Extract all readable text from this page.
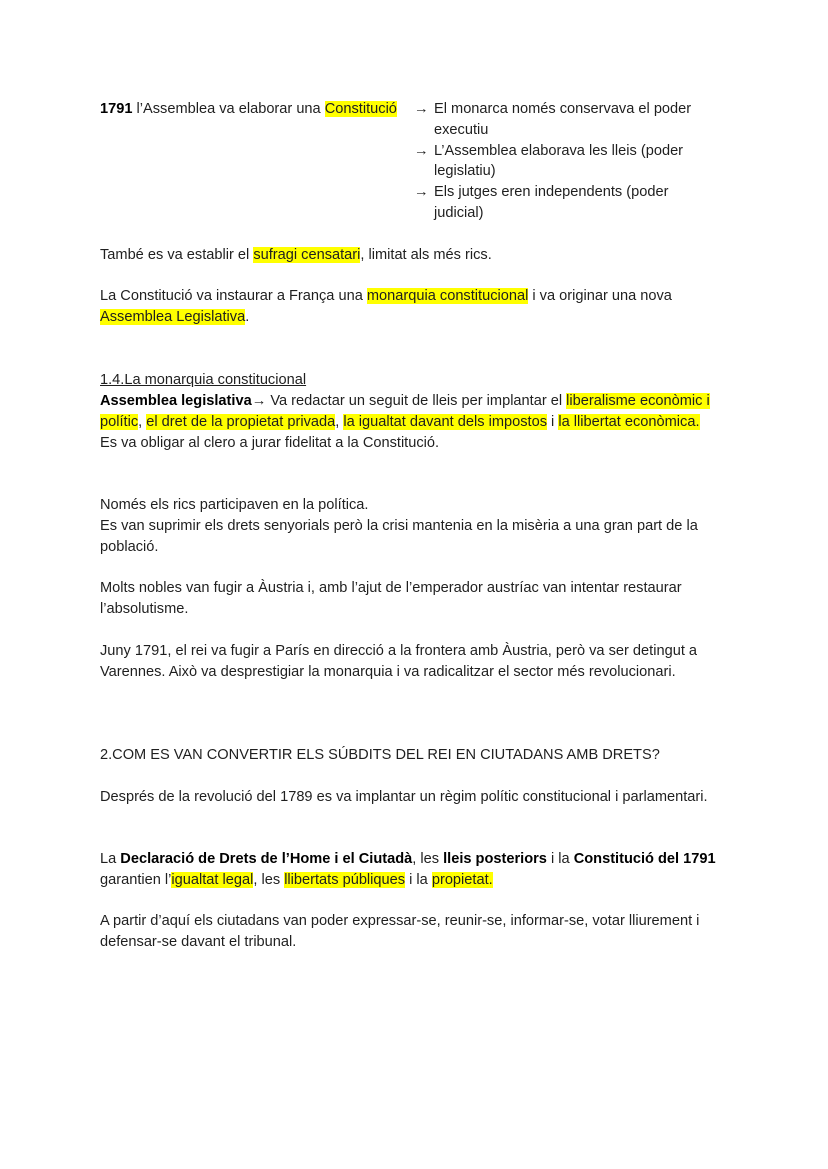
1791 l’Assemblea va elaborar una Constitució	→ El monarca només conservava el poder executiu
→ L’Assemblea elaborava les lleis (poder legislatiu)
→ Els jutges eren independents (poder judicial)
També es va establir el sufragi censatari, limitat als més rics.
La Constitució va instaurar a França una monarquia constitucional i va originar una nova Assemblea Legislativa.
1.4.La monarquia constitucional
Assemblea legislativa→ Va redactar un seguit de lleis per implantar el liberalisme econòmic i polític, el dret de la propietat privada, la igualtat davant dels impostos i la llibertat econòmica.
Es va obligar al clero a jurar fidelitat a la Constitució.
Només els rics participaven en la política.
Es van suprimir els drets senyorials però la crisi mantenia en la misèria a una gran part de la població.
Molts nobles van fugir a Àustria i, amb l’ajut de l’emperador austríac van intentar restaurar l’absolutisme.
Juny 1791, el rei va fugir a París en direcció a la frontera amb Àustria, però va ser detingut a Varennes. Això va desprestigiar la monarquia i va radicalitzar el sector més revolucionari.
2.COM ES VAN CONVERTIR ELS SÚBDITS DEL REI EN CIUTADANS AMB DRETS?
Després de la revolució del 1789 es va implantar un règim polític constitucional i parlamentari.
La Declaració de Drets de l’Home i el Ciutadà, les lleis posteriors i la Constitució del 1791 garantien l’igualtat legal, les llibertats públiques i la propietat.
A partir d’aquí els ciutadans van poder expressar-se, reunir-se, informar-se, votar lliurement i defensar-se davant el tribunal.
